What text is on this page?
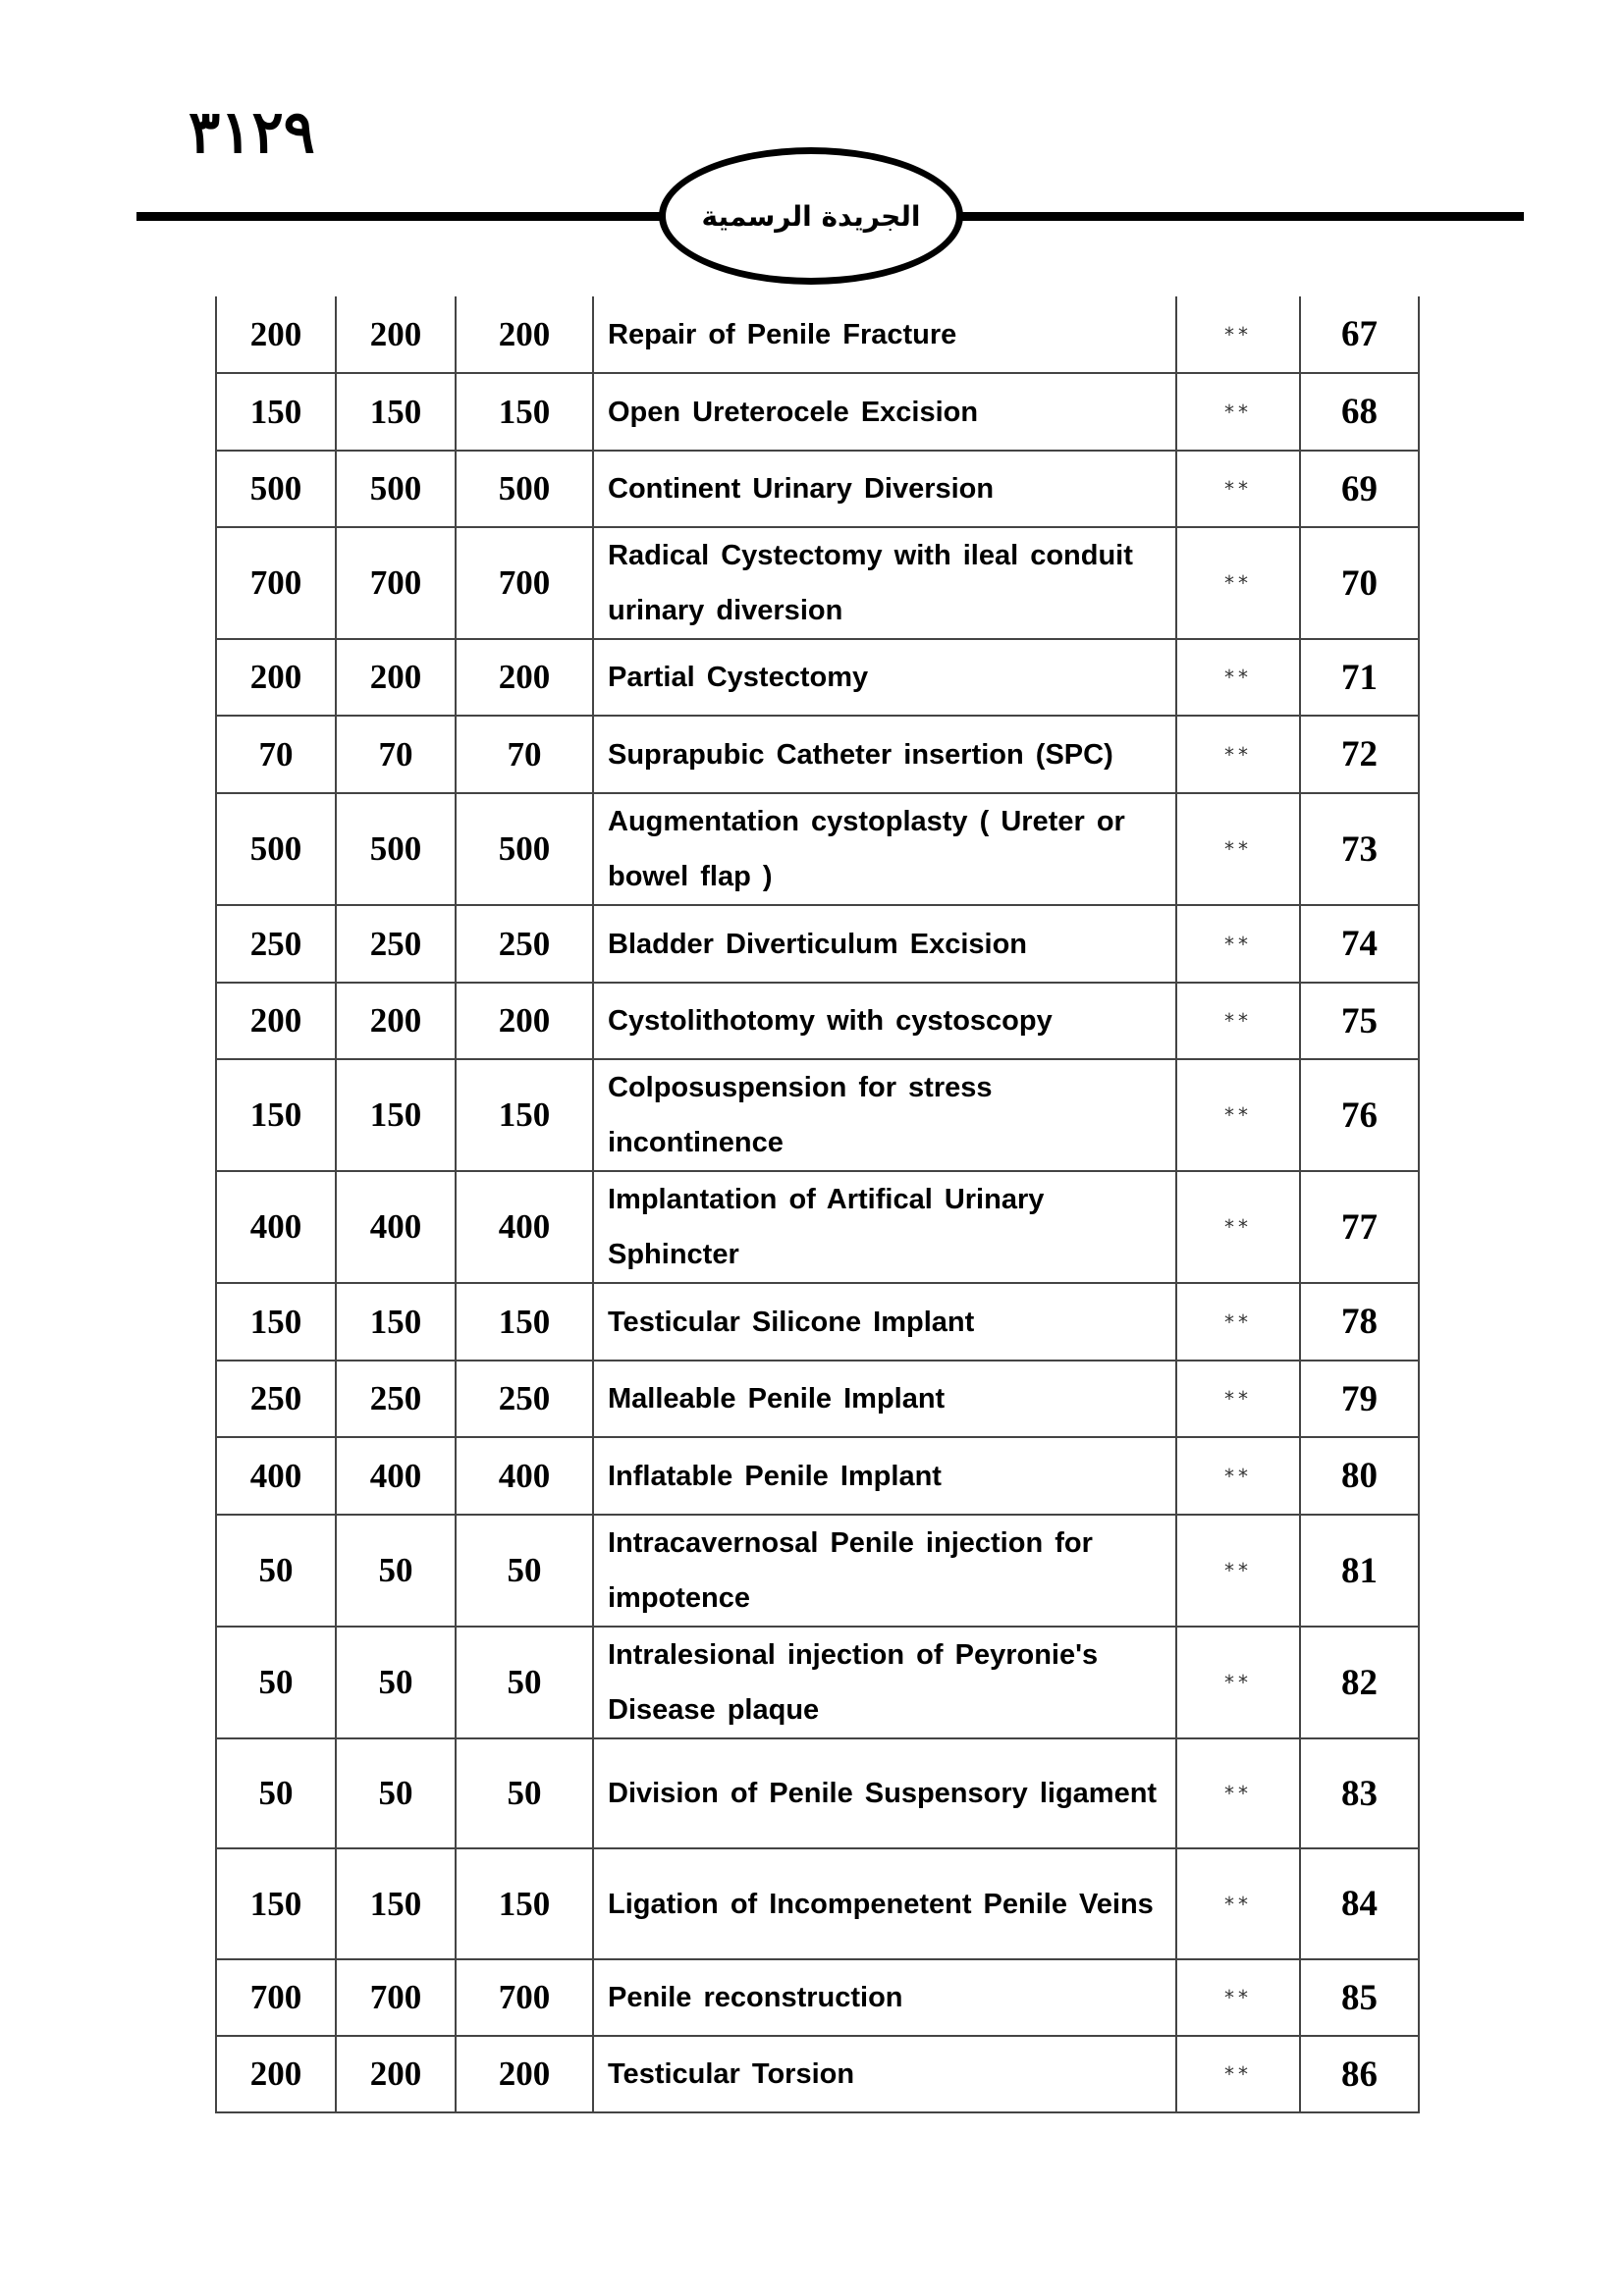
٣١٢٩
الجريدة الرسمية
200	200	200	Repair of Penile Fracture	**	67
150	150	150	Open Ureterocele Excision	**	68
500	500	500	Continent Urinary Diversion	**	69
700	700	700	Radical Cystectomy with ileal conduit urinary diversion	**	70
200	200	200	Partial Cystectomy	**	71
70	70	70	Suprapubic Catheter insertion (SPC)	**	72
500	500	500	Augmentation cystoplasty ( Ureter or bowel flap )	**	73
250	250	250	Bladder Diverticulum Excision	**	74
200	200	200	Cystolithotomy with cystoscopy	**	75
150	150	150	Colposuspension for stress incontinence	**	76
400	400	400	Implantation of Artifical Urinary Sphincter	**	77
150	150	150	Testicular Silicone Implant	**	78
250	250	250	Malleable Penile Implant	**	79
400	400	400	Inflatable Penile Implant	**	80
50	50	50	Intracavernosal Penile injection for impotence	**	81
50	50	50	Intralesional injection of Peyronie's Disease plaque	**	82
50	50	50	Division of Penile Suspensory ligament	**	83
150	150	150	Ligation of Incompenetent Penile Veins	**	84
700	700	700	Penile reconstruction	**	85
200	200	200	Testicular Torsion	**	86
